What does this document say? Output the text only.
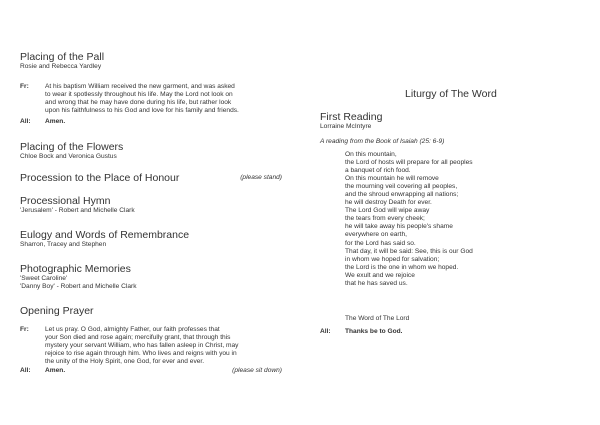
Placing of the Pall
Rosie and Rebecca Yardley
Fr: At his baptism William received the new garment, and was asked
to wear it spotlessly throughout his life. May the Lord not look on
and wrong that he may have done during his life, but rather look
upon his faithfulness to his God and love for his family and friends.
All: Amen.
Placing of the Flowers
Chloe Bock and Veronica Gustus
Procession to the Place of Honour	(please stand)
Processional Hymn
'Jerusalem' - Robert and Michelle Clark
Eulogy and Words of Remembrance
Sharron, Tracey and Stephen
Photographic Memories
'Sweet Caroline'
'Danny Boy' - Robert and Michelle Clark
Opening Prayer
Fr: Let us pray. O God, almighty Father, our faith professes that
your Son died and rose again; mercifully grant, that through this
mystery your servant William, who has fallen asleep in Christ, may
rejoice to rise again through him. Who lives and reigns with you in
the unity of the Holy Spirit, one God, for ever and ever.
All: Amen.	(please sit down)
Liturgy of The Word
First Reading
Lorraine McIntyre
A reading from the Book of Isaiah (25: 6-9)
On this mountain,
the Lord of hosts will prepare for all peoples
a banquet of rich food.
On this mountain he will remove
the mourning veil covering all peoples,
and the shroud enwrapping all nations;
he will destroy Death for ever.
The Lord God will wipe away
the tears from every cheek;
he will take away his people's shame
everywhere on earth,
for the Lord has said so.
That day, it will be said: See, this is our God
in whom we hoped for salvation;
the Lord is the one in whom we hoped.
We exult and we rejoice
that he has saved us.
The Word of The Lord
All: Thanks be to God.
